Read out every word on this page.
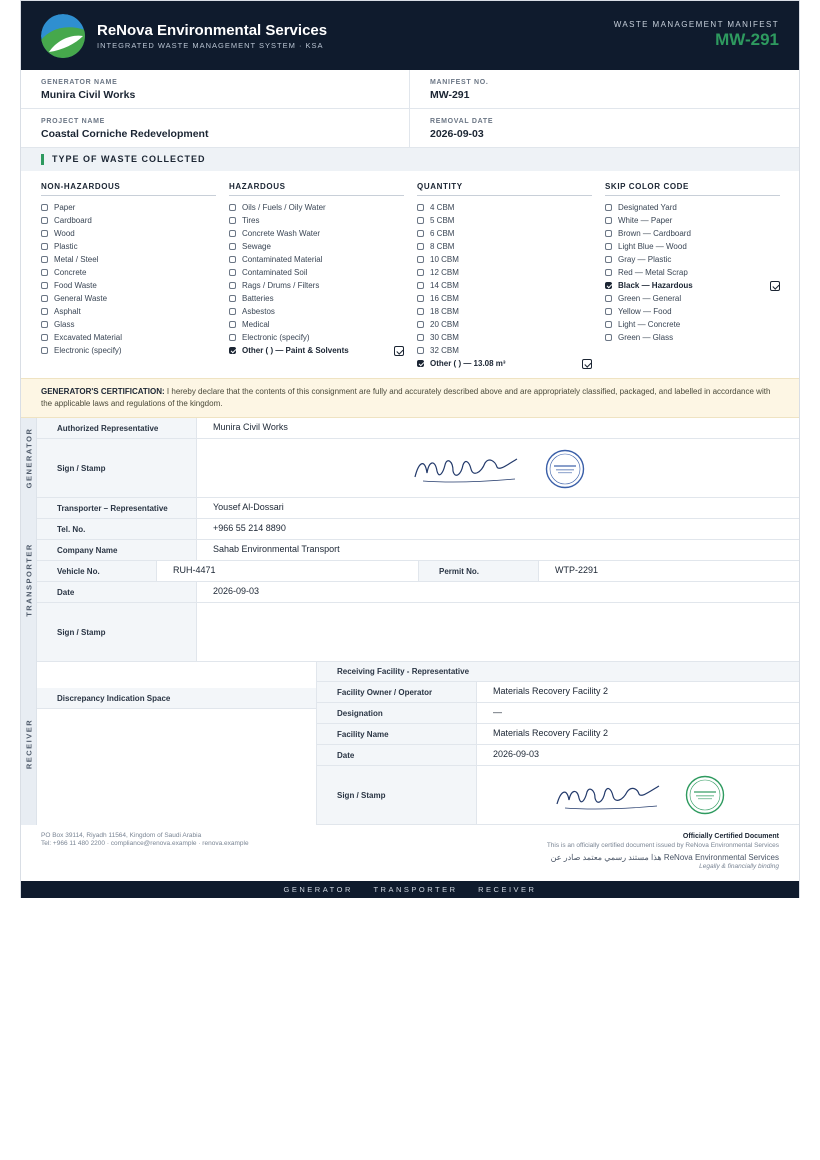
ReNova Environmental Services
INTEGRATED WASTE MANAGEMENT SYSTEM · KSA
WASTE MANAGEMENT MANIFEST
MW-291
GENERATOR NAME
Munira Civil Works
MANIFEST NO.
MW-291
PROJECT NAME
Coastal Corniche Redevelopment
REMOVAL DATE
2026-09-03
TYPE OF WASTE COLLECTED
NON-HAZARDOUS
Paper
Cardboard
Wood
Plastic
Metal / Steel
Concrete
Food Waste
General Waste
Asphalt
Glass
Excavated Material
Electronic (specify)
HAZARDOUS
Oils / Fuels / Oily Water
Tires
Concrete Wash Water
Sewage
Contaminated Material
Contaminated Soil
Rags / Drums / Filters
Batteries
Asbestos
Medical
Electronic (specify)
Other ( ) — Paint & Solvents
QUANTITY
4 CBM
5 CBM
6 CBM
8 CBM
10 CBM
12 CBM
14 CBM
16 CBM
18 CBM
20 CBM
30 CBM
32 CBM
Other ( ) — 13.08 m³
SKIP COLOR CODE
Designated Yard
White — Paper
Brown — Cardboard
Light Blue — Wood
Gray — Plastic
Red — Metal Scrap
Black — Hazardous
Green — General
Yellow — Food
Light — Concrete
Green — Glass
GENERATOR'S CERTIFICATION: I hereby declare that the contents of this consignment are fully and accurately described above and are appropriately classified, packaged, and labelled in accordance with the applicable laws and regulations of the kingdom.
GENERATOR	Authorized Representative	Munira Civil Works
Sign / Stamp
TRANSPORTER
Transporter – Representative	Yousef Al-Dossari
Tel. No.	+966 55 214 8890
Company Name	Sahab Environmental Transport
Vehicle No.	RUH-4471	Permit No.	WTP-2291
Date	2026-09-03
Sign / Stamp
RECEIVER
Discrepancy Indication Space
Receiving Facility - Representative
Facility Owner / Operator	Materials Recovery Facility 2
Designation	—
Facility Name	Materials Recovery Facility 2
Date	2026-09-03
Sign / Stamp
PO Box 39114, Riyadh 11564, Kingdom of Saudi Arabia
Tel: +966 11 480 2200 · compliance@renova.example · renova.example
Officially Certified Document
This is an officially certified document issued by ReNova Environmental Services
هذا مستند رسمي معتمد صادر عن ReNova Environmental Services
Legally & financially binding
GENERATOR	TRANSPORTER	RECEIVER
